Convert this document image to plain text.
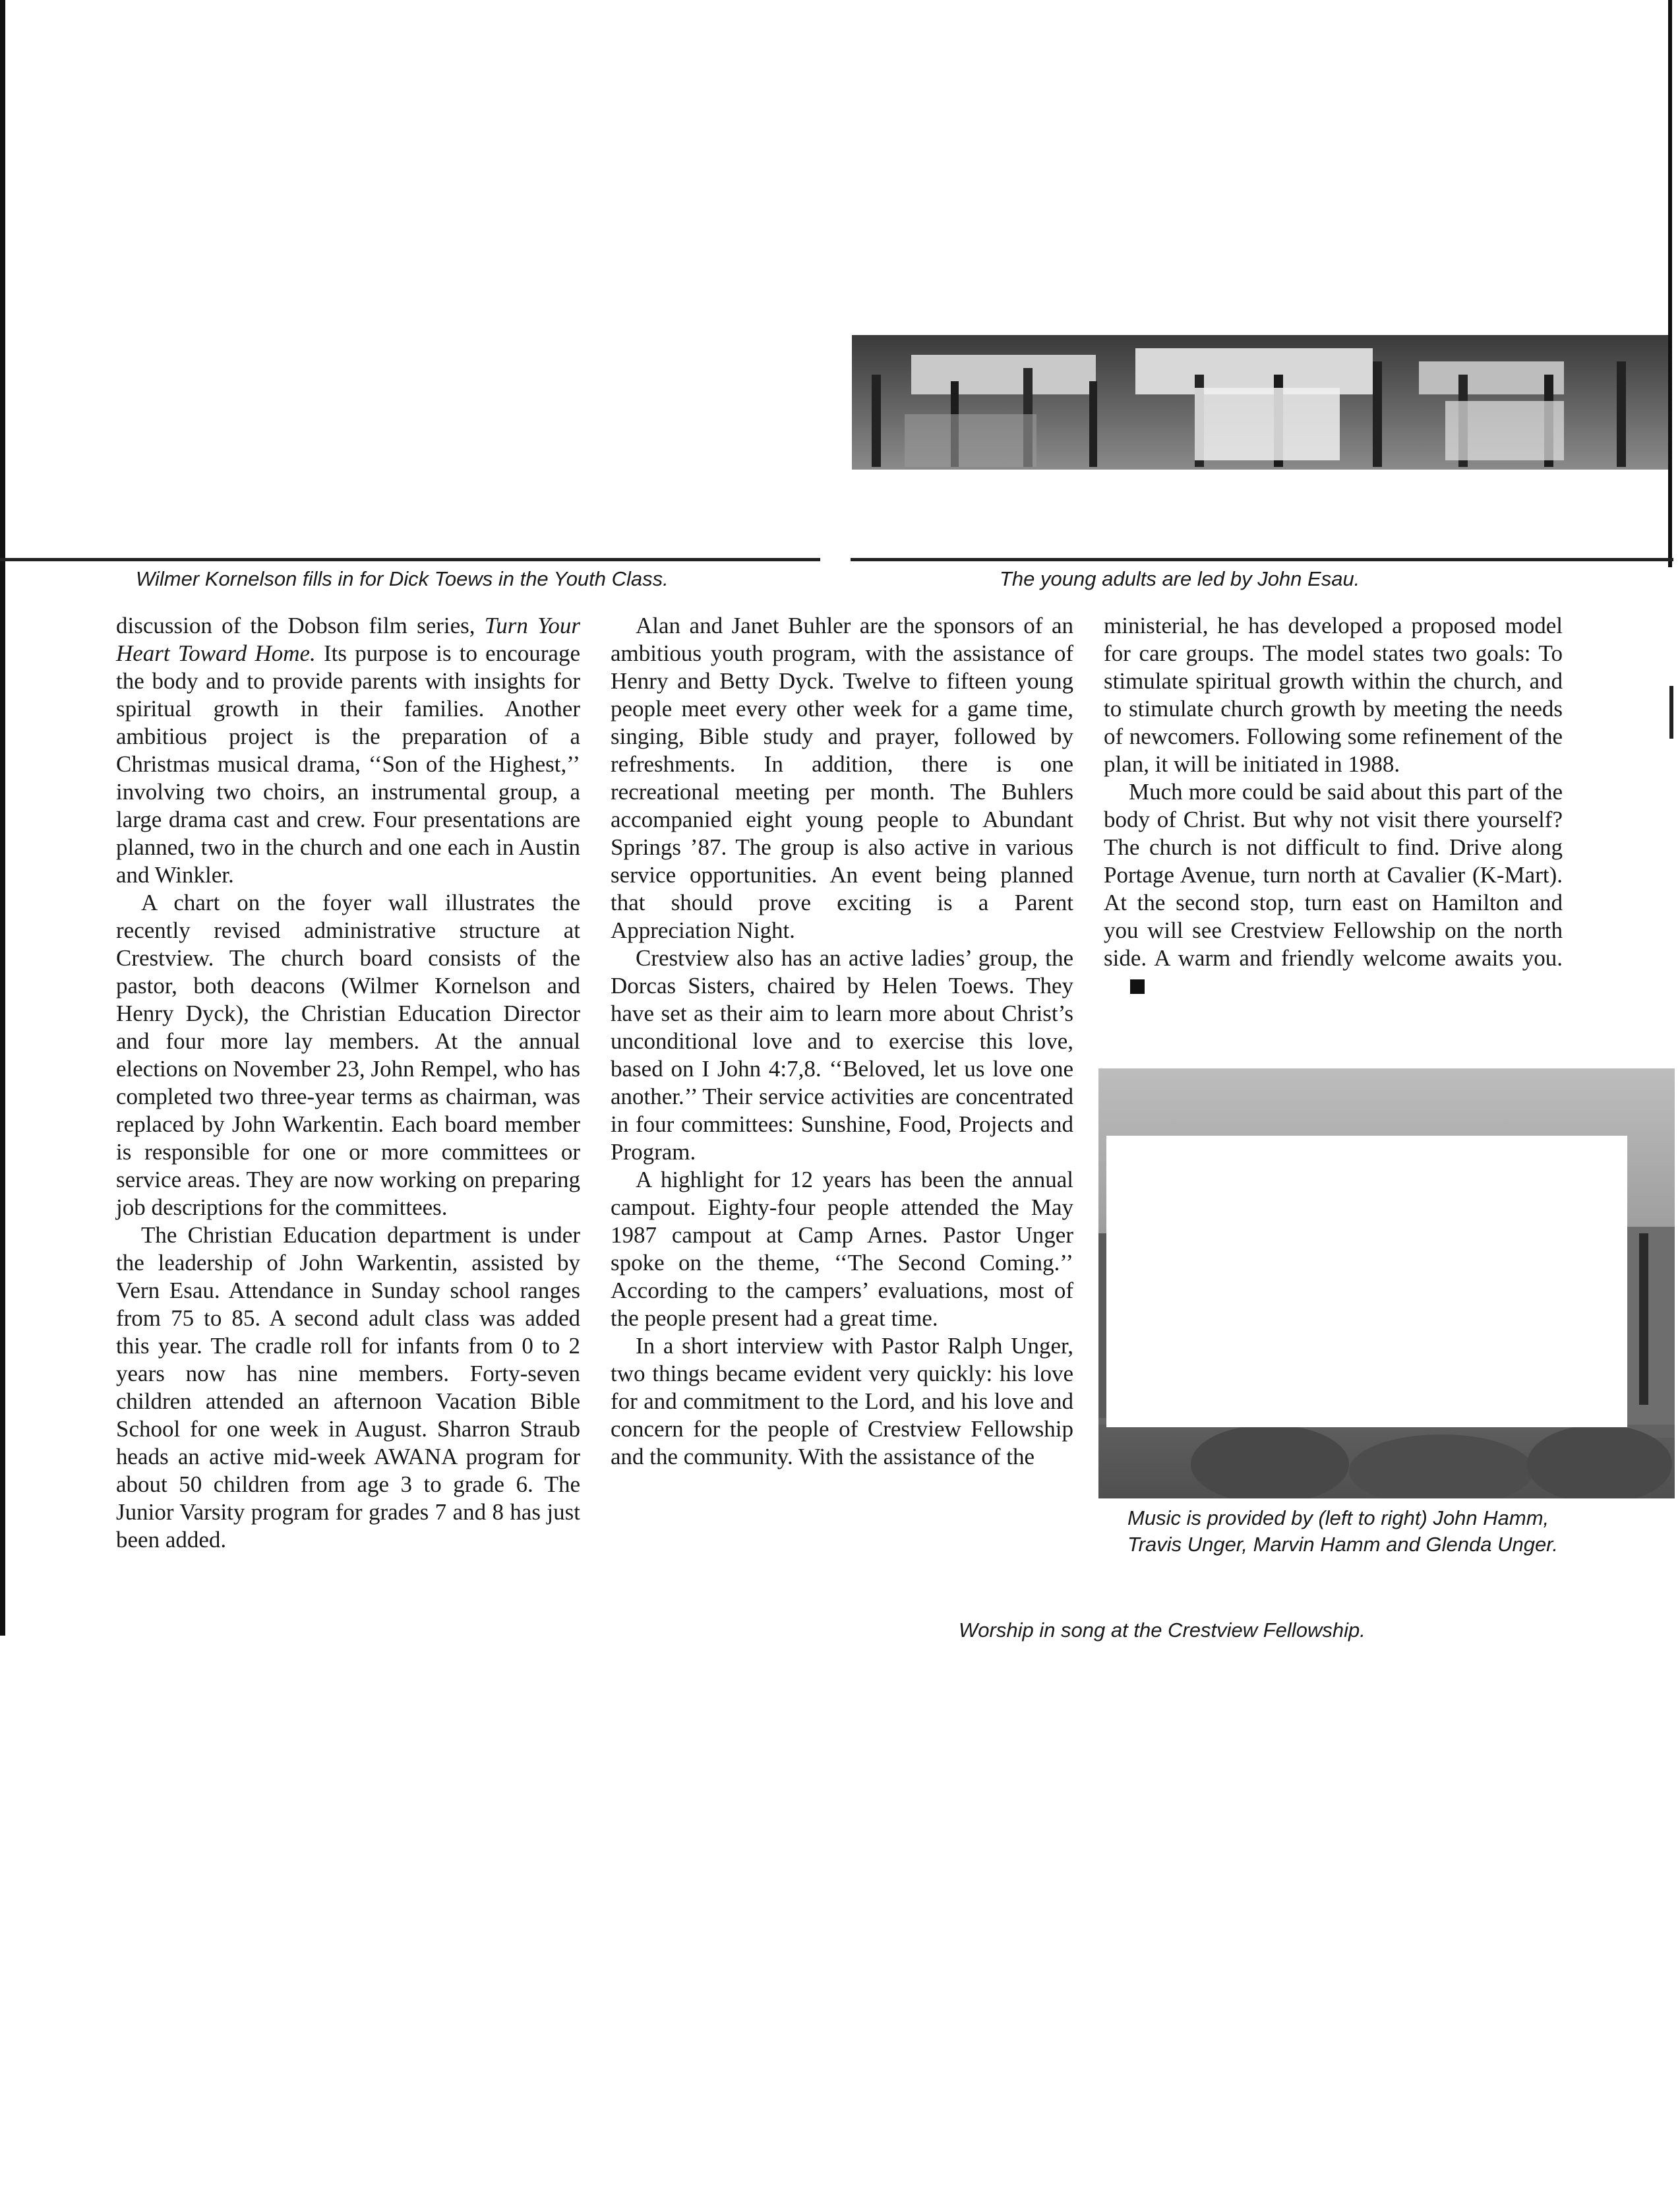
Wilmer Kornelson fills in for Dick Toews in the Youth Class.	The young adults are led by John Esau.

discussion of the Dobson film series, Turn Your Heart Toward Home. Its purpose is to encourage the body and to provide parents with insights for spiritual growth in their families. Another ambitious project is the preparation of a Christmas musical drama, ‘‘Son of the Highest,’’ involving two choirs, an instrumental group, a large drama cast and crew. Four presentations are planned, two in the church and one each in Austin and Winkler.

A chart on the foyer wall illustrates the recently revised administrative structure at Crestview. The church board consists of the pastor, both deacons (Wilmer Kornelson and Henry Dyck), the Christian Education Director and four more lay members. At the annual elections on November 23, John Rempel, who has completed two three-year terms as chairman, was replaced by John Warkentin. Each board member is responsible for one or more committees or service areas. They are now working on preparing job descriptions for the committees.

The Christian Education department is under the leadership of John Warkentin, assisted by Vern Esau. Attendance in Sunday school ranges from 75 to 85. A second adult class was added this year. The cradle roll for infants from 0 to 2 years now has nine members. Forty-seven children attended an afternoon Vacation Bible School for one week in August. Sharron Straub heads an active mid-week AWANA program for about 50 children from age 3 to grade 6. The Junior Varsity program for grades 7 and 8 has just been added.

Alan and Janet Buhler are the sponsors of an ambitious youth program, with the assistance of Henry and Betty Dyck. Twelve to fifteen young people meet every other week for a game time, singing, Bible study and prayer, followed by refreshments. In addition, there is one recreational meeting per month. The Buhlers accompanied eight young people to Abundant Springs ’87. The group is also active in various service opportunities. An event being planned that should prove exciting is a Parent Appreciation Night.

Crestview also has an active ladies’ group, the Dorcas Sisters, chaired by Helen Toews. They have set as their aim to learn more about Christ’s unconditional love and to exercise this love, based on I John 4:7,8. ‘‘Beloved, let us love one another.’’ Their service activities are concentrated in four committees: Sunshine, Food, Projects and Program.

A highlight for 12 years has been the annual campout. Eighty-four people attended the May 1987 campout at Camp Arnes. Pastor Unger spoke on the theme, ‘‘The Second Coming.’’ According to the campers’ evaluations, most of the people present had a great time.

In a short interview with Pastor Ralph Unger, two things became evident very quickly: his love for and commitment to the Lord, and his love and concern for the people of Crestview Fellowship and the community. With the assistance of the

ministerial, he has developed a proposed model for care groups. The model states two goals: To stimulate spiritual growth within the church, and to stimulate church growth by meeting the needs of newcomers. Following some refinement of the plan, it will be initiated in 1988.

Much more could be said about this part of the body of Christ. But why not visit there yourself? The church is not difficult to find. Drive along Portage Avenue, turn north at Cavalier (K-Mart). At the second stop, turn east on Hamilton and you will see Crestview Fellowship on the north side. A warm and friendly welcome awaits you.

Music is provided by (left to right) John Hamm, Travis Unger, Marvin Hamm and Glenda Unger.
Worship in song at the Crestview Fellowship.
